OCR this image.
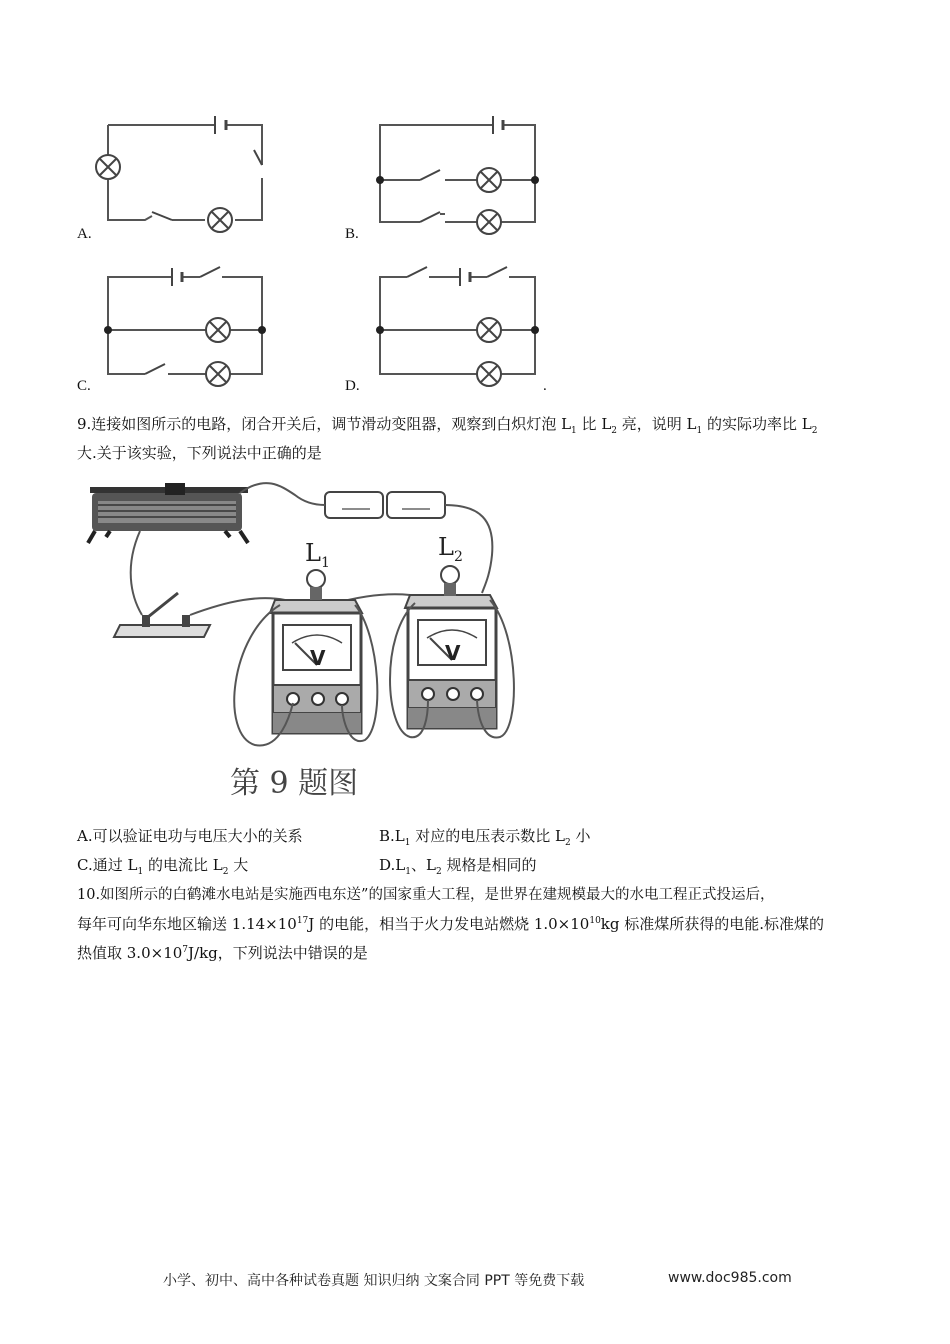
A.	B.
C.	D.	.
9.连接如图所示的电路，闭合开关后，调节滑动变阻器，观察到白炽灯泡 $L_1$ 比 $L_2$ 亮，说明 $L_1$ 的实际功率比 $L_2$
大.关于该实验，下列说法中正确的是
$L_1$
$L_2$
V	V
第 9 题图
A.可以验证电功与电压大小的关系	$B.L_1$ 对应的电压表示数比 $L_2$ 小
C.通过 $L_1$ 的电流比 $L_2$ 大	$D.L_1$、$L_2$ 规格是相同的
10.如图所示的白鹤滩水电站是实施西电东送”的国家重大工程，是世界在建规模最大的水电工程正式投运后，
每年可向华东地区输送 $1.14\times 10^{17}J$ 的电能，相当于火力发电站燃烧 $1.0\times 10^{10}kg$ 标准煤所获得的电能.标准煤的
热值取 $3.0\times 10^7J/kg$，下列说法中错误的是
小学、初中、高中各种试卷真题 知识归纳 文案合同 PPT 等免费下载	www.doc985.com
